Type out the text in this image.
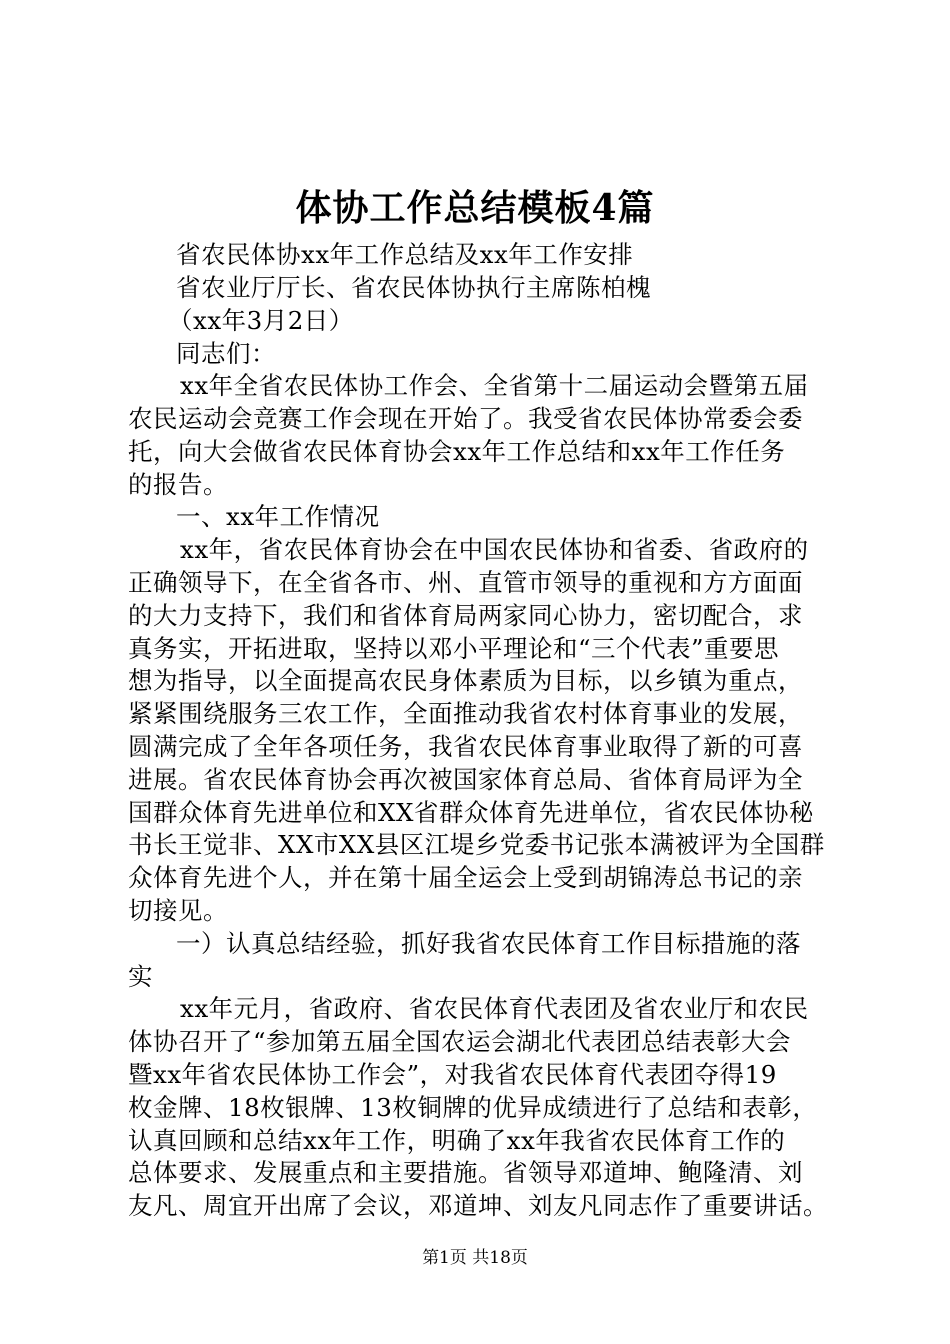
体协工作总结模板4篇
省农民体协xx年工作总结及xx年工作安排
省农业厅厅长、省农民体协执行主席陈柏槐
（xx年3月2日）
同志们：
xx年全省农民体协工作会、全省第十二届运动会暨第五届
农民运动会竞赛工作会现在开始了。我受省农民体协常委会委
托，向大会做省农民体育协会xx年工作总结和xx年工作任务
的报告。
一、xx年工作情况
xx年，省农民体育协会在中国农民体协和省委、省政府的
正确领导下，在全省各市、州、直管市领导的重视和方方面面
的大力支持下，我们和省体育局两家同心协力，密切配合，求
真务实，开拓进取，坚持以邓小平理论和“三个代表”重要思
想为指导，以全面提高农民身体素质为目标，以乡镇为重点，
紧紧围绕服务三农工作，全面推动我省农村体育事业的发展，
圆满完成了全年各项任务，我省农民体育事业取得了新的可喜
进展。省农民体育协会再次被国家体育总局、省体育局评为全
国群众体育先进单位和XX省群众体育先进单位，省农民体协秘
书长王觉非、XX市XX县区江堤乡党委书记张本满被评为全国群
众体育先进个人，并在第十届全运会上受到胡锦涛总书记的亲
切接见。
一）认真总结经验，抓好我省农民体育工作目标措施的落
实
xx年元月，省政府、省农民体育代表团及省农业厅和农民
体协召开了“参加第五届全国农运会湖北代表团总结表彰大会
暨xx年省农民体协工作会”，对我省农民体育代表团夺得19
枚金牌、18枚银牌、13枚铜牌的优异成绩进行了总结和表彰，
认真回顾和总结xx年工作，明确了xx年我省农民体育工作的
总体要求、发展重点和主要措施。省领导邓道坤、鲍隆清、刘
友凡、周宜开出席了会议，邓道坤、刘友凡同志作了重要讲话。
第1页 共18页
